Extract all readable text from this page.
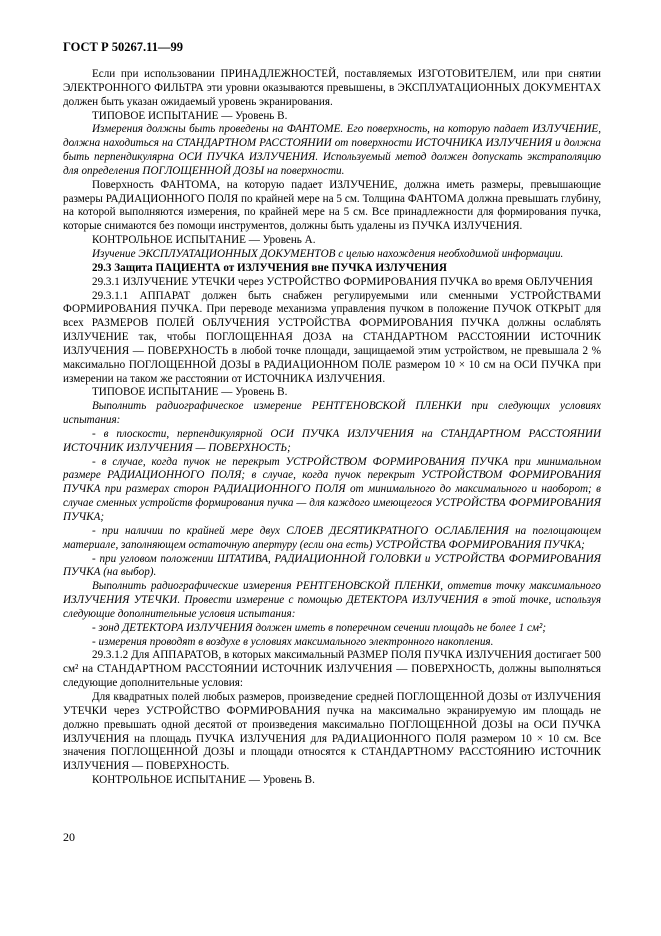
ГОСТ Р 50267.11—99

Если при использовании ПРИНАДЛЕЖНОСТЕЙ, поставляемых ИЗГОТОВИТЕЛЕМ, или при снятии ЭЛЕКТРОННОГО ФИЛЬТРА эти уровни оказываются превышены, в ЭКСПЛУАТАЦИОННЫХ ДОКУМЕНТАХ должен быть указан ожидаемый уровень экранирования.

ТИПОВОЕ ИСПЫТАНИЕ — Уровень В.

Измерения должны быть проведены на ФАНТОМЕ. Его поверхность, на которую падает ИЗЛУЧЕНИЕ, должна находиться на СТАНДАРТНОМ РАССТОЯНИИ от поверхности ИСТОЧНИКА ИЗЛУЧЕНИЯ и должна быть перпендикулярна ОСИ ПУЧКА ИЗЛУЧЕНИЯ. Используемый метод должен допускать экстраполяцию для определения ПОГЛОЩЕННОЙ ДОЗЫ на поверхности.

Поверхность ФАНТОМА, на которую падает ИЗЛУЧЕНИЕ, должна иметь размеры, превышающие размеры РАДИАЦИОННОГО ПОЛЯ по крайней мере на 5 см. Толщина ФАНТОМА должна превышать глубину, на которой выполняются измерения, по крайней мере на 5 см. Все принадлежности для формирования пучка, которые снимаются без помощи инструментов, должны быть удалены из ПУЧКА ИЗЛУЧЕНИЯ.

КОНТРОЛЬНОЕ ИСПЫТАНИЕ — Уровень А.

Изучение ЭКСПЛУАТАЦИОННЫХ ДОКУМЕНТОВ с целью нахождения необходимой информации.

29.3 Защита ПАЦИЕНТА от ИЗЛУЧЕНИЯ вне ПУЧКА ИЗЛУЧЕНИЯ

29.3.1 ИЗЛУЧЕНИЕ УТЕЧКИ через УСТРОЙСТВО ФОРМИРОВАНИЯ ПУЧКА во время ОБЛУЧЕНИЯ

29.3.1.1 АППАРАТ должен быть снабжен регулируемыми или сменными УСТРОЙСТВАМИ ФОРМИРОВАНИЯ ПУЧКА. При переводе механизма управления пучком в положение ПУЧОК ОТКРЫТ для всех РАЗМЕРОВ ПОЛЕЙ ОБЛУЧЕНИЯ УСТРОЙСТВА ФОРМИРОВАНИЯ ПУЧКА должны ослаблять ИЗЛУЧЕНИЕ так, чтобы ПОГЛОЩЕННАЯ ДОЗА на СТАНДАРТНОМ РАССТОЯНИИ ИСТОЧНИК ИЗЛУЧЕНИЯ — ПОВЕРХНОСТЬ в любой точке площади, защищаемой этим устройством, не превышала 2 % максимально ПОГЛОЩЕННОЙ ДОЗЫ в РАДИАЦИОННОМ ПОЛЕ размером 10 × 10 см на ОСИ ПУЧКА при измерении на таком же расстоянии от ИСТОЧНИКА ИЗЛУЧЕНИЯ.

ТИПОВОЕ ИСПЫТАНИЕ — Уровень В.

Выполнить радиографическое измерение РЕНТГЕНОВСКОЙ ПЛЕНКИ при следующих условиях испытания:

- в плоскости, перпендикулярной ОСИ ПУЧКА ИЗЛУЧЕНИЯ на СТАНДАРТНОМ РАССТОЯНИИ ИСТОЧНИК ИЗЛУЧЕНИЯ — ПОВЕРХНОСТЬ;

- в случае, когда пучок не перекрыт УСТРОЙСТВОМ ФОРМИРОВАНИЯ ПУЧКА при минимальном размере РАДИАЦИОННОГО ПОЛЯ; в случае, когда пучок перекрыт УСТРОЙСТВОМ ФОРМИРОВАНИЯ ПУЧКА при размерах сторон РАДИАЦИОННОГО ПОЛЯ от минимального до максимального и наоборот; в случае сменных устройств формирования пучка — для каждого имеющегося УСТРОЙСТВА ФОРМИРОВАНИЯ ПУЧКА;

- при наличии по крайней мере двух СЛОЕВ ДЕСЯТИКРАТНОГО ОСЛАБЛЕНИЯ на поглощающем материале, заполняющем остаточную апертуру (если она есть) УСТРОЙСТВА ФОРМИРОВАНИЯ ПУЧКА;

- при угловом положении ШТАТИВА, РАДИАЦИОННОЙ ГОЛОВКИ и УСТРОЙСТВА ФОРМИРОВАНИЯ ПУЧКА (на выбор).

Выполнить радиографические измерения РЕНТГЕНОВСКОЙ ПЛЕНКИ, отметив точку максимального ИЗЛУЧЕНИЯ УТЕЧКИ. Провести измерение с помощью ДЕТЕКТОРА ИЗЛУЧЕНИЯ в этой точке, используя следующие дополнительные условия испытания:

- зонд ДЕТЕКТОРА ИЗЛУЧЕНИЯ должен иметь в поперечном сечении площадь не более 1 см²;

- измерения проводят в воздухе в условиях максимального электронного накопления.

29.3.1.2 Для АППАРАТОВ, в которых максимальный РАЗМЕР ПОЛЯ ПУЧКА ИЗЛУЧЕНИЯ достигает 500 см² на СТАНДАРТНОМ РАССТОЯНИИ ИСТОЧНИК ИЗЛУЧЕНИЯ — ПОВЕРХНОСТЬ, должны выполняться следующие дополнительные условия:

Для квадратных полей любых размеров, произведение средней ПОГЛОЩЕННОЙ ДОЗЫ от ИЗЛУЧЕНИЯ УТЕЧКИ через УСТРОЙСТВО ФОРМИРОВАНИЯ пучка на максимально экранируемую им площадь не должно превышать одной десятой от произведения максимально ПОГЛОЩЕННОЙ ДОЗЫ на ОСИ ПУЧКА ИЗЛУЧЕНИЯ на площадь ПУЧКА ИЗЛУЧЕНИЯ для РАДИАЦИОННОГО ПОЛЯ размером 10 × 10 см. Все значения ПОГЛОЩЕННОЙ ДОЗЫ и площади относятся к СТАНДАРТНОМУ РАССТОЯНИЮ ИСТОЧНИК ИЗЛУЧЕНИЯ — ПОВЕРХНОСТЬ.

КОНТРОЛЬНОЕ ИСПЫТАНИЕ — Уровень В.

20
